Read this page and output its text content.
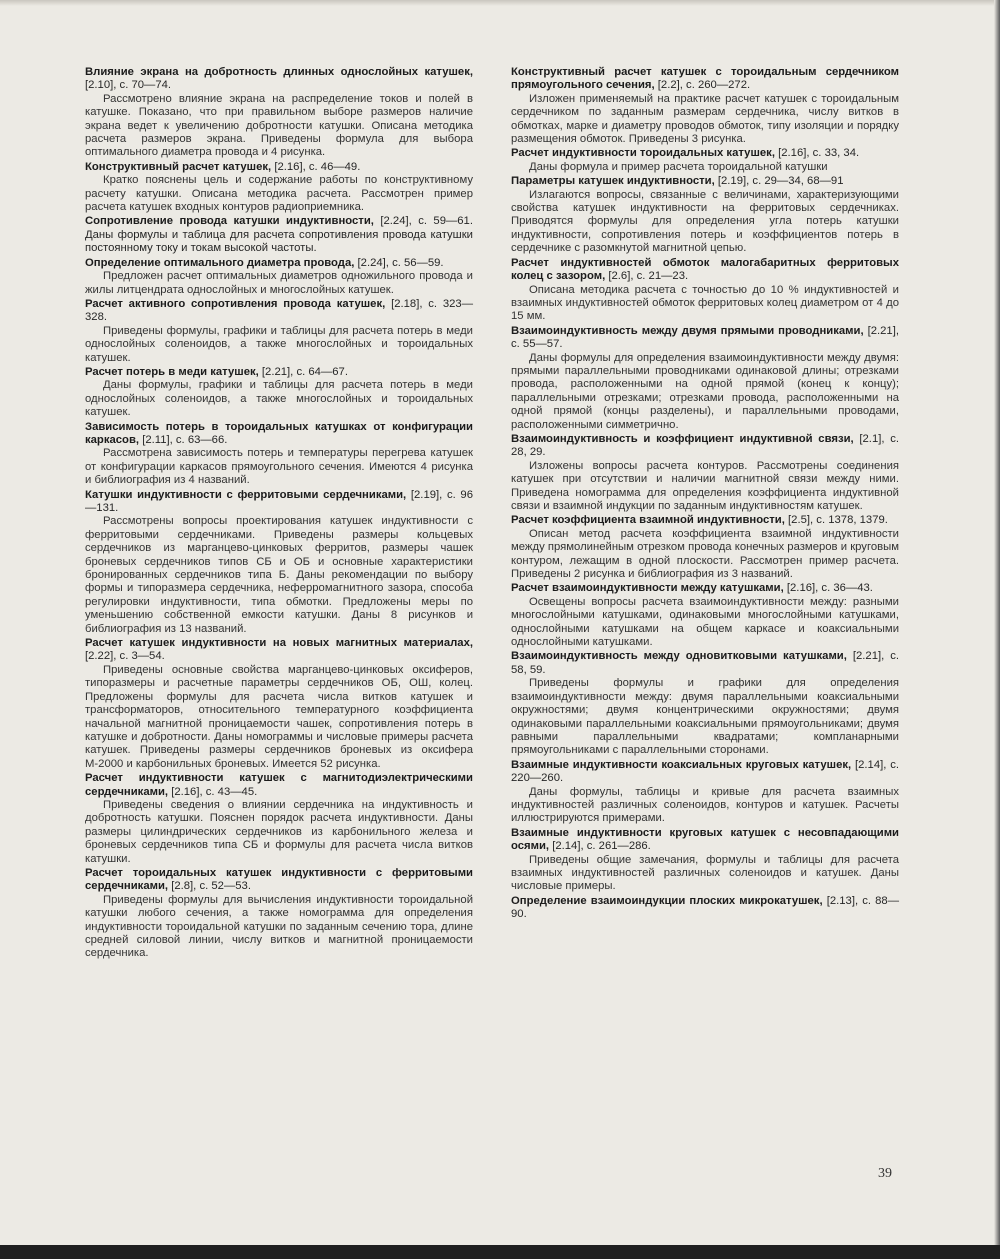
Влияние экрана на добротность длинных однослойных катушек, [2.10], с. 70—74.

Рассмотрено влияние экрана на распределение токов и полей в катушке. Показано, что при правильном выборе размеров наличие экрана ведет к увеличению добротности катушки. Описана методика расчета размеров экрана. Приведены формула для выбора оптимального диаметра провода и 4 рисунка.

Конструктивный расчет катушек, [2.16], с. 46—49.

Кратко пояснены цель и содержание работы по конструктивному расчету катушки. Описана методика расчета. Рассмотрен пример расчета катушек входных контуров радиоприемника.

Сопротивление провода катушки индуктивности, [2.24], с. 59—61. Даны формулы и таблица для расчета сопротивления провода катушки постоянному току и токам высокой частоты.

Определение оптимального диаметра провода, [2.24], с. 56—59.

Предложен расчет оптимальных диаметров одножильного провода и жилы литцендрата однослойных и многослойных катушек.

Расчет активного сопротивления провода катушек, [2.18], с. 323—328.

Приведены формулы, графики и таблицы для расчета потерь в меди однослойных соленоидов, а также многослойных и тороидальных катушек.

Расчет потерь в меди катушек, [2.21], с. 64—67.

Даны формулы, графики и таблицы для расчета потерь в меди однослойных соленоидов, а также многослойных и тороидальных катушек.

Зависимость потерь в тороидальных катушках от конфигурации каркасов, [2.11], с. 63—66.

Рассмотрена зависимость потерь и температуры перегрева катушек от конфигурации каркасов прямоугольного сечения. Имеются 4 рисунка и библиография из 4 названий.

Катушки индуктивности с ферритовыми сердечниками, [2.19], с. 96—131.

Рассмотрены вопросы проектирования катушек индуктивности с ферритовыми сердечниками. Приведены размеры кольцевых сердечников из марганцево-цинковых ферритов, размеры чашек броневых сердечников типов СБ и ОБ и основные характеристики бронированных сердечников типа Б. Даны рекомендации по выбору формы и типоразмера сердечника, неферромагнитного зазора, способа регулировки индуктивности, типа обмотки. Предложены меры по уменьшению собственной емкости катушки. Даны 8 рисунков и библиография из 13 названий.

Расчет катушек индуктивности на новых магнитных материалах, [2.22], с. 3—54.

Приведены основные свойства марганцево-цинковых оксиферов, типоразмеры и расчетные параметры сердечников ОБ, ОШ, колец. Предложены формулы для расчета числа витков катушек и трансформаторов, относительного температурного коэффициента начальной магнитной проницаемости чашек, сопротивления потерь в катушке и добротности. Даны номограммы и числовые примеры расчета катушек. Приведены размеры сердечников броневых из оксифера М-2000 и карбонильных броневых. Имеется 52 рисунка.

Расчет индуктивности катушек с магнитодиэлектрическими сердечниками, [2.16], с. 43—45.

Приведены сведения о влиянии сердечника на индуктивность и добротность катушки. Пояснен порядок расчета индуктивности. Даны размеры цилиндрических сердечников из карбонильного железа и броневых сердечников типа СБ и формулы для расчета числа витков катушки.

Расчет тороидальных катушек индуктивности с ферритовыми сердечниками, [2.8], с. 52—53.

Приведены формулы для вычисления индуктивности тороидальной катушки любого сечения, а также номограмма для определения индуктивности тороидальной катушки по заданным сечению тора, длине средней силовой линии, числу витков и магнитной проницаемости сердечника.

Конструктивный расчет катушек с тороидальным сердечником прямоугольного сечения, [2.2], с. 260—272.

Изложен применяемый на практике расчет катушек с тороидальным сердечником по заданным размерам сердечника, числу витков в обмотках, марке и диаметру проводов обмоток, типу изоляции и порядку размещения обмоток. Приведены 3 рисунка.

Расчет индуктивности тороидальных катушек, [2.16], с. 33, 34.

Даны формула и пример расчета тороидальной катушки

Параметры катушек индуктивности, [2.19], с. 29—34, 68—91

Излагаются вопросы, связанные с величинами, характеризующими свойства катушек индуктивности на ферритовых сердечниках. Приводятся формулы для определения угла потерь катушки индуктивности, сопротивления потерь и коэффициентов потерь в сердечнике с разомкнутой магнитной цепью.

Расчет индуктивностей обмоток малогабаритных ферритовых колец с зазором, [2.6], с. 21—23.

Описана методика расчета с точностью до 10 % индуктивностей и взаимных индуктивностей обмоток ферритовых колец диаметром от 4 до 15 мм.

Взаимоиндуктивность между двумя прямыми проводниками, [2.21], с. 55—57.

Даны формулы для определения взаимоиндуктивности между двумя: прямыми параллельными проводниками одинаковой длины; отрезками провода, расположенными на одной прямой (конец к концу); параллельными отрезками; отрезками провода, расположенными на одной прямой (концы разделены), и параллельными проводами, расположенными симметрично.

Взаимоиндуктивность и коэффициент индуктивной связи, [2.1], с. 28, 29.

Изложены вопросы расчета контуров. Рассмотрены соединения катушек при отсутствии и наличии магнитной связи между ними. Приведена номограмма для определения коэффициента индуктивной связи и взаимной индукции по заданным индуктивностям катушек.

Расчет коэффициента взаимной индуктивности, [2.5], с. 1378, 1379.

Описан метод расчета коэффициента взаимной индуктивности между прямолинейным отрезком провода конечных размеров и круговым контуром, лежащим в одной плоскости. Рассмотрен пример расчета. Приведены 2 рисунка и библиография из 3 названий.

Расчет взаимоиндуктивности между катушками, [2.16], с. 36—43.

Освещены вопросы расчета взаимоиндуктивности между: разными многослойными катушками, одинаковыми многослойными катушками, однослойными катушками на общем каркасе и коаксиальными однослойными катушками.

Взаимоиндуктивность между одновитковыми катушками, [2.21], с. 58, 59.

Приведены формулы и графики для определения взаимоиндуктивности между: двумя параллельными коаксиальными окружностями; двумя концентрическими окружностями; двумя одинаковыми параллельными коаксиальными прямоугольниками; двумя равными параллельными квадратами; компланарными прямоугольниками с параллельными сторонами.

Взаимные индуктивности коаксиальных круговых катушек, [2.14], с. 220—260.

Даны формулы, таблицы и кривые для расчета взаимных индуктивностей различных соленоидов, контуров и катушек. Расчеты иллюстрируются примерами.

Взаимные индуктивности круговых катушек с несовпадающими осями, [2.14], с. 261—286.

Приведены общие замечания, формулы и таблицы для расчета взаимных индуктивностей различных соленоидов и катушек. Даны числовые примеры.

Определение взаимоиндукции плоских микрокатушек, [2.13], с. 88—90.

39
